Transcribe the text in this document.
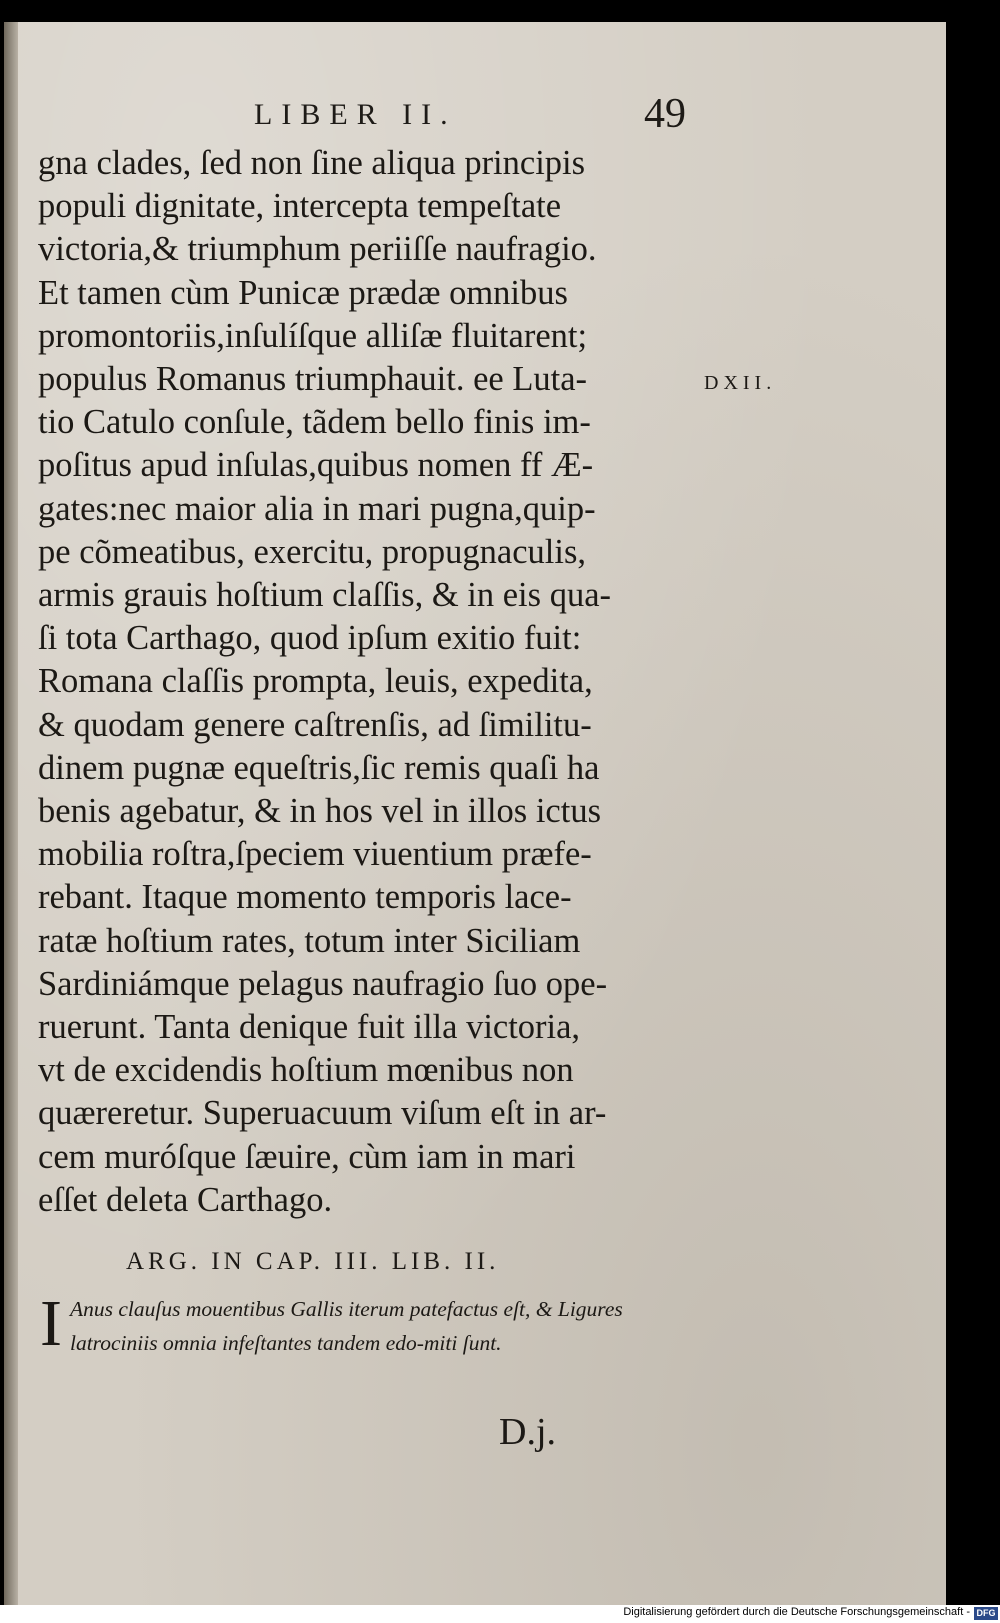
LIBER II.	49
gna clades, ſed non ſine aliqua principis
populi dignitate, intercepta tempeſtate
victoria,& triumphum periiſſe naufragio.
Et tamen cùm Punicæ prædæ omnibus
promontoriis,inſulíſque alliſæ fluitarent;
populus Romanus triumphauit. ee Luta-
tio Catulo conſule, tãdem bello finis im-
poſitus apud inſulas,quibus nomen ff Æ-
gates:nec maior alia in mari pugna,quip-
pe cõmeatibus, exercitu, propugnaculis,
armis grauis hoſtium claſſis, & in eis qua-
ſi tota Carthago, quod ipſum exitio fuit:
Romana claſſis prompta, leuis, expedita,
& quodam genere caſtrenſis, ad ſimilitu-
dinem pugnæ equeſtris,ſic remis quaſi ha
benis agebatur, & in hos vel in illos ictus
mobilia roſtra,ſpeciem viuentium præfe-
rebant. Itaque momento temporis lace-
ratæ hoſtium rates, totum inter Siciliam
Sardiniámque pelagus naufragio ſuo ope-
ruerunt. Tanta denique fuit illa victoria,
vt de excidendis hoſtium mœnibus non
quæreretur. Superuacuum viſum eſt in ar-
cem muróſque ſæuire, cùm iam in mari
eſſet deleta Carthago.
DXII.
ARG. IN CAP. III. LIB. II.
I Anus clauſus mouentibus Gallis iterum patefactus eſt, & Ligures latrociniis omnia infeſtantes tandem edo-miti ſunt.
D.j.
Digitalisierung gefördert durch die Deutsche Forschungsgemeinschaft - DFG
